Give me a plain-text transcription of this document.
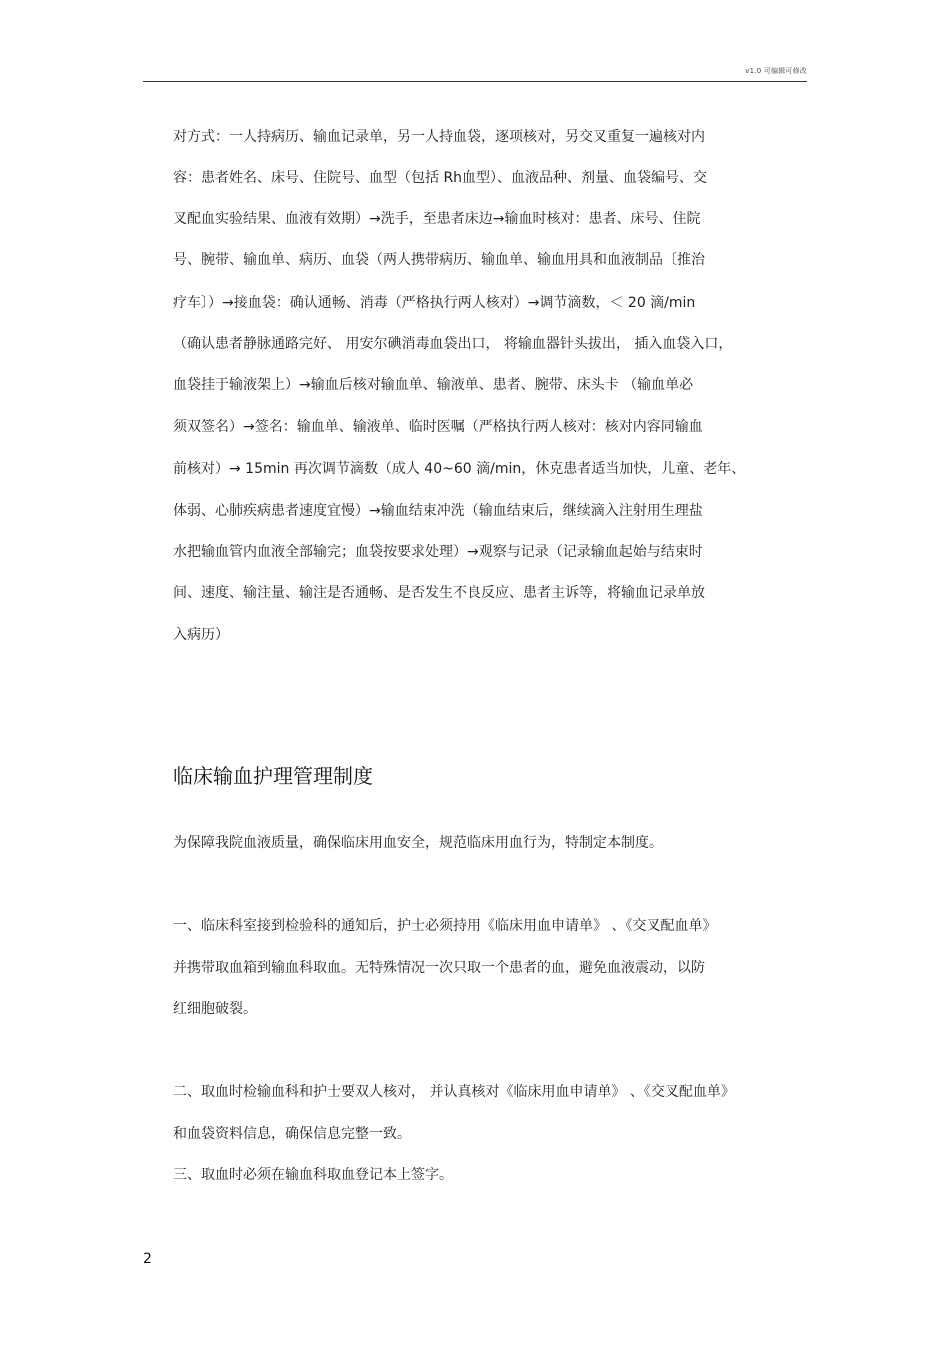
v1.0 可编辑可修改
对方式：一人持病历、输血记录单，另一人持血袋，逐项核对，另交叉重复一遍核对内
容：患者姓名、床号、住院号、血型（包括 Rh血型）、血液品种、剂量、血袋编号、交
叉配血实验结果、血液有效期）→洗手，至患者床边→输血时核对：患者、床号、住院
号、腕带、输血单、病历、血袋（两人携带病历、输血单、输血用具和血液制品〔推治
疗车〕）→接血袋：确认通畅、消毒（严格执行两人核对）→调节滴数，＜ 20 滴/min
（确认患者静脉通路完好、 用安尔碘消毒血袋出口， 将输血器针头拔出， 插入血袋入口，
血袋挂于输液架上）→输血后核对输血单、输液单、患者、腕带、床头卡 （输血单必
须双签名）→签名：输血单、输液单、临时医嘱（严格执行两人核对：核对内容同输血
前核对）→ 15min 再次调节滴数（成人 40~60 滴/min，休克患者适当加快，儿童、老年、
体弱、心肺疾病患者速度宜慢）→输血结束冲洗（输血结束后，继续滴入注射用生理盐
水把输血管内血液全部输完；血袋按要求处理）→观察与记录（记录输血起始与结束时
间、速度、输注量、输注是否通畅、是否发生不良反应、患者主诉等，将输血记录单放
入病历）
临床输血护理管理制度
为保障我院血液质量，确保临床用血安全，规范临床用血行为，特制定本制度。
一、临床科室接到检验科的通知后，护士必须持用《临床用血申请单》 、《交叉配血单》
并携带取血箱到输血科取血。无特殊情况一次只取一个患者的血，避免血液震动，以防
红细胞破裂。
二、取血时检输血科和护士要双人核对， 并认真核对《临床用血申请单》 、《交叉配血单》
和血袋资料信息，确保信息完整一致。
三、取血时必须在输血科取血登记本上签字。
2
